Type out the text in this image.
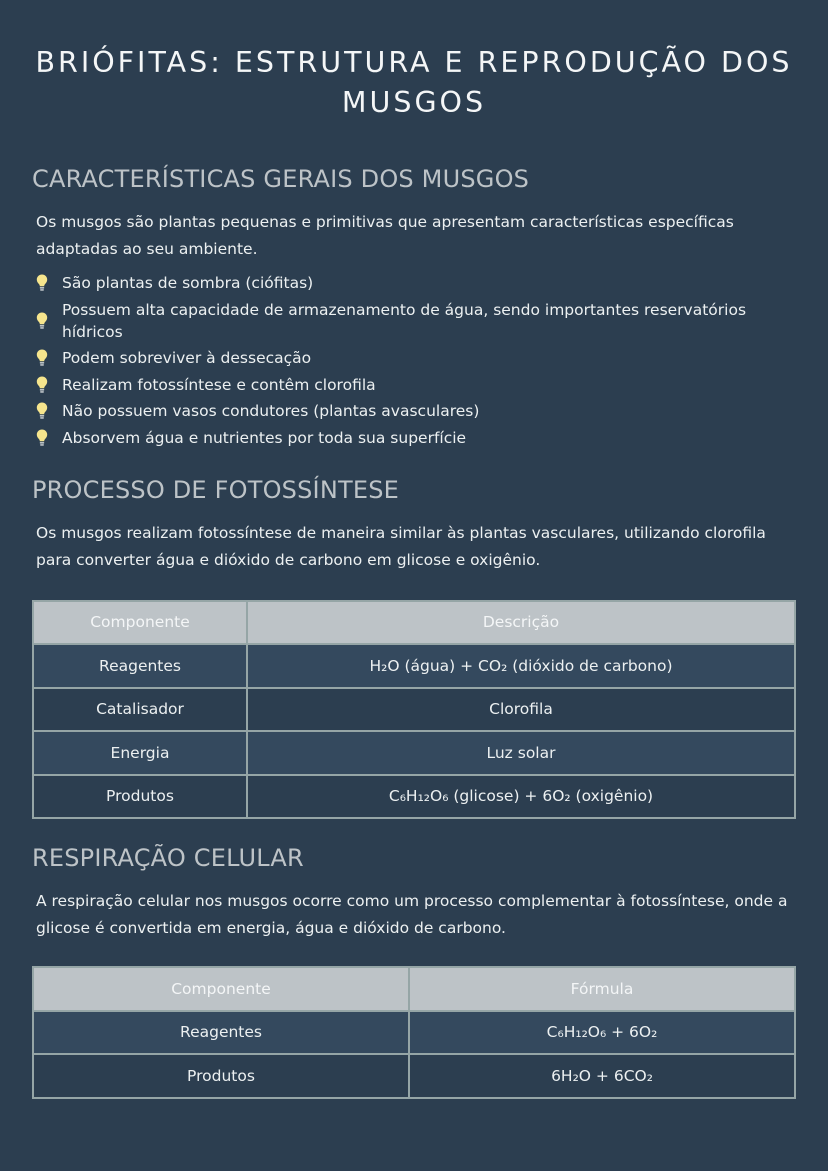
BRIÓFITAS: ESTRUTURA E REPRODUÇÃO DOS MUSGOS
CARACTERÍSTICAS GERAIS DOS MUSGOS

Os musgos são plantas pequenas e primitivas que apresentam características específicas adaptadas ao seu ambiente.

São plantas de sombra (ciófitas)
Possuem alta capacidade de armazenamento de água, sendo importantes reservatórios hídricos
Podem sobreviver à dessecação
Realizam fotossíntese e contêm clorofila
Não possuem vasos condutores (plantas avasculares)
Absorvem água e nutrientes por toda sua superfície
PROCESSO DE FOTOSSÍNTESE

Os musgos realizam fotossíntese de maneira similar às plantas vasculares, utilizando clorofila para converter água e dióxido de carbono em glicose e oxigênio.

Componente	Descrição
Reagentes	H₂O (água) + CO₂ (dióxido de carbono)
Catalisador	Clorofila
Energia	Luz solar
Produtos	C₆H₁₂O₆ (glicose) + 6O₂ (oxigênio)
RESPIRAÇÃO CELULAR

A respiração celular nos musgos ocorre como um processo complementar à fotossíntese, onde a glicose é convertida em energia, água e dióxido de carbono.

Componente	Fórmula
Reagentes	C₆H₁₂O₆ + 6O₂
Produtos	6H₂O + 6CO₂
